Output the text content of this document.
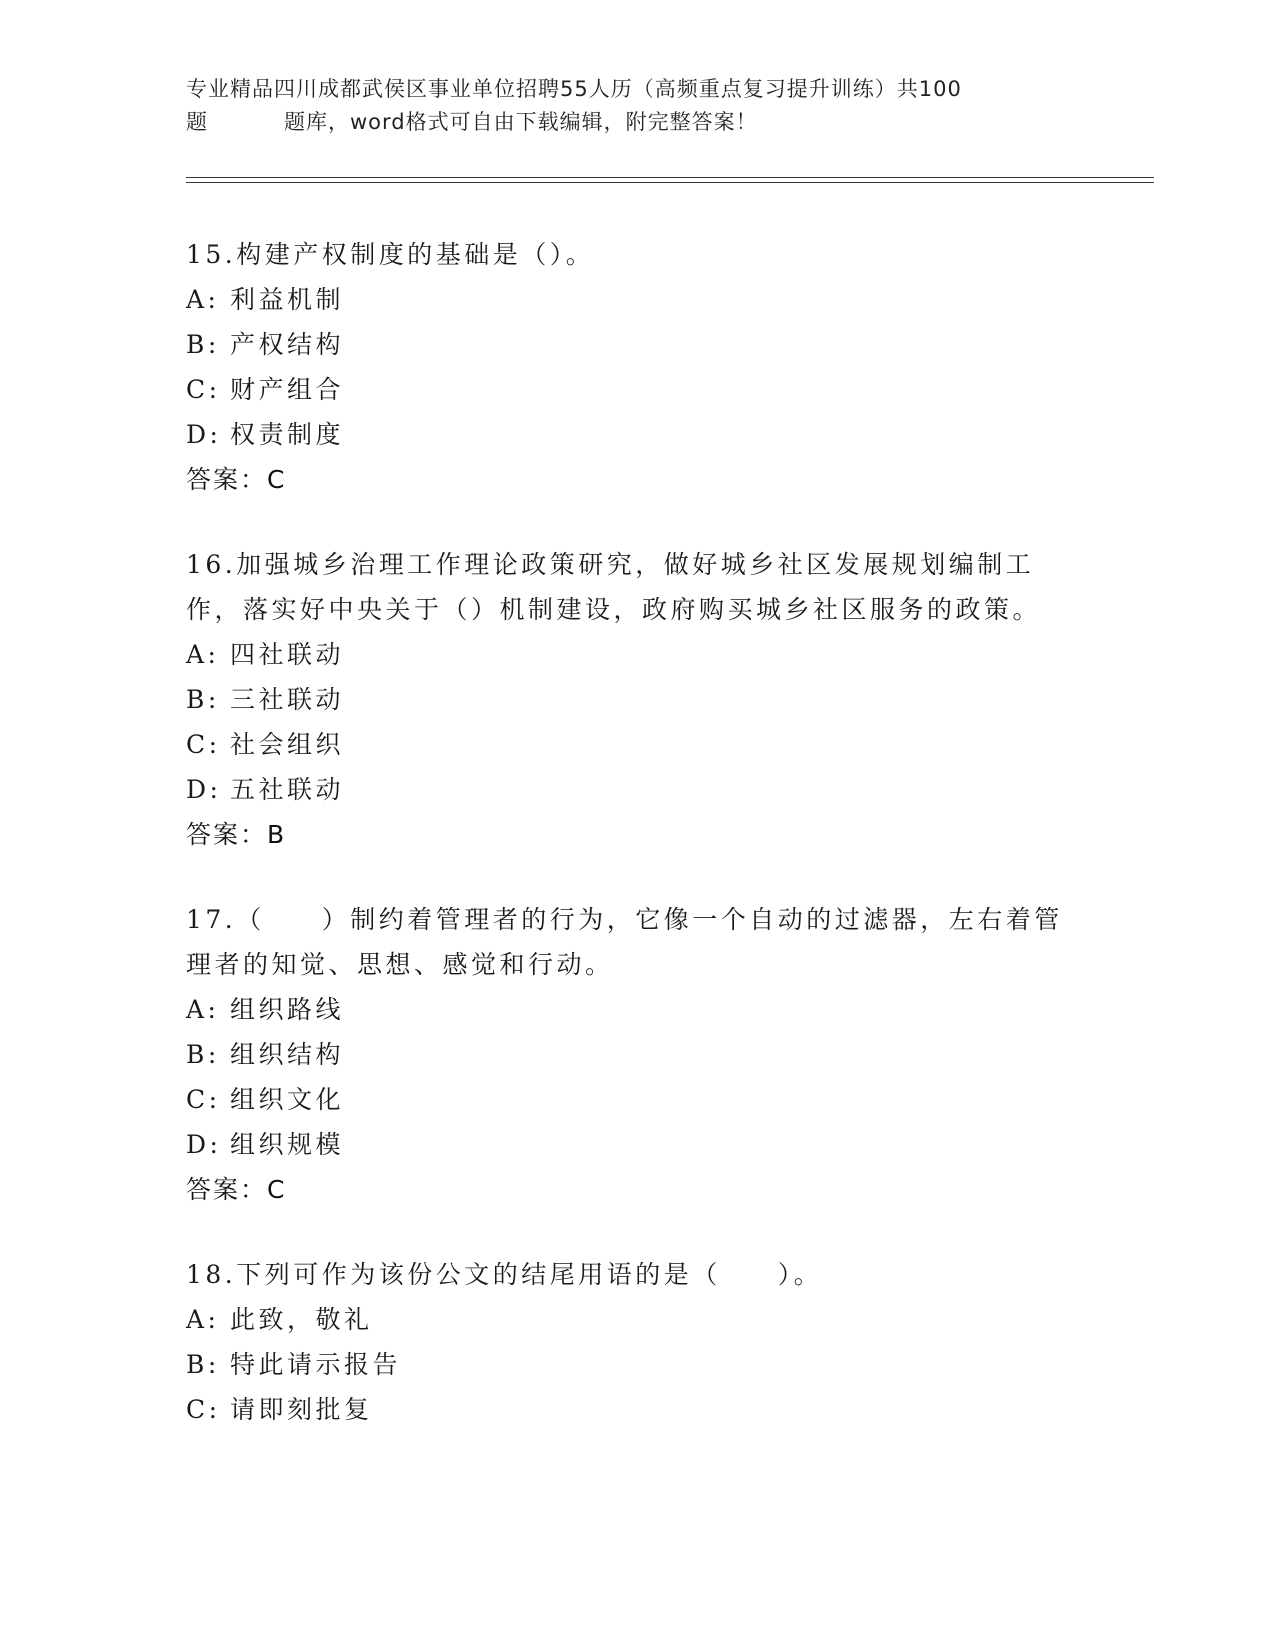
专业精品四川成都武侯区事业单位招聘55人历（高频重点复习提升训练）共100
题	题库，word格式可自由下载编辑，附完整答案！

15.构建产权制度的基础是（）。

A: 利益机制

B: 产权结构

C: 财产组合

D: 权责制度

答案：C

16.加强城乡治理工作理论政策研究，做好城乡社区发展规划编制工作，落实好中央关于（）机制建设，政府购买城乡社区服务的政策。

A: 四社联动

B: 三社联动

C: 社会组织

D: 五社联动

答案：B

17.（　　）制约着管理者的行为，它像一个自动的过滤器，左右着管理者的知觉、思想、感觉和行动。

A: 组织路线

B: 组织结构

C: 组织文化

D: 组织规模

答案：C

18.下列可作为该份公文的结尾用语的是（　　）。

A: 此致，敬礼

B: 特此请示报告

C: 请即刻批复
